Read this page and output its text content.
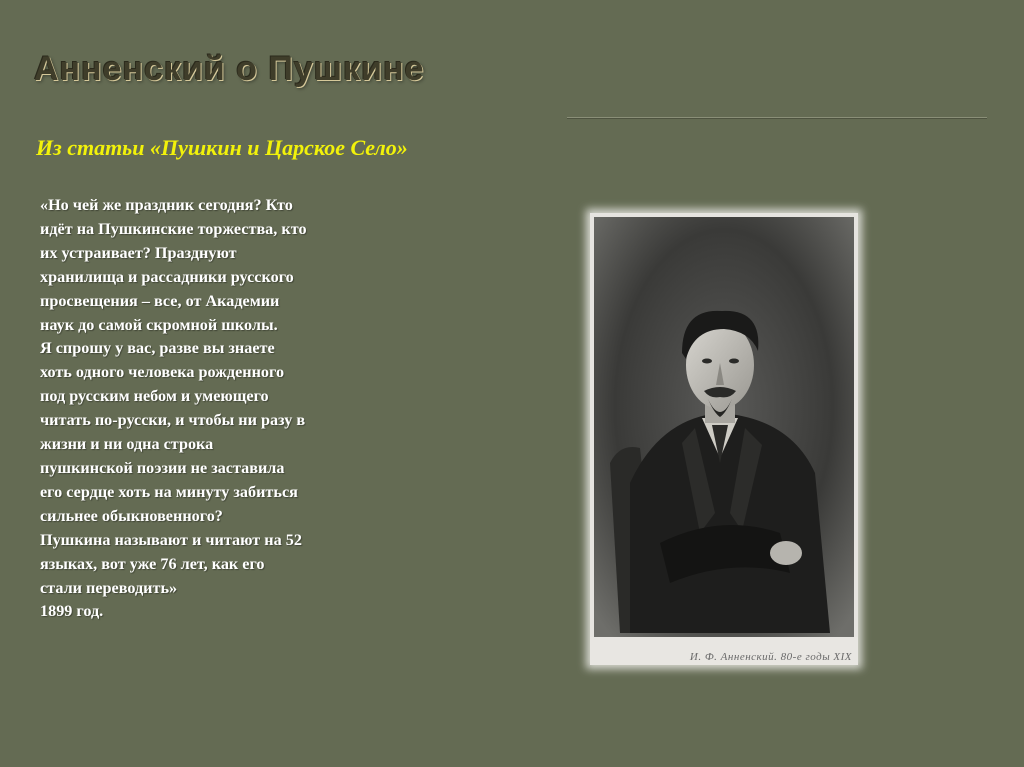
Анненский о Пушкине
Из статьи «Пушкин и Царское Село»
«Но чей же праздник сегодня? Кто
идёт на Пушкинские торжества, кто
их устраивает? Празднуют
хранилища и рассадники русского
просвещения – все, от Академии
наук до самой скромной школы.
Я спрошу у вас, разве вы знаете
хоть одного человека рожденного
под русским небом и умеющего
читать по-русски, и чтобы ни разу в
жизни и ни одна строка
пушкинской поэзии не заставила
его сердце хоть на минуту забиться
сильнее обыкновенного?
Пушкина называют и читают на 52
языках, вот уже 76 лет, как его
стали переводить»
1899 год.
И. Ф. Анненский. 80-е годы XIX
